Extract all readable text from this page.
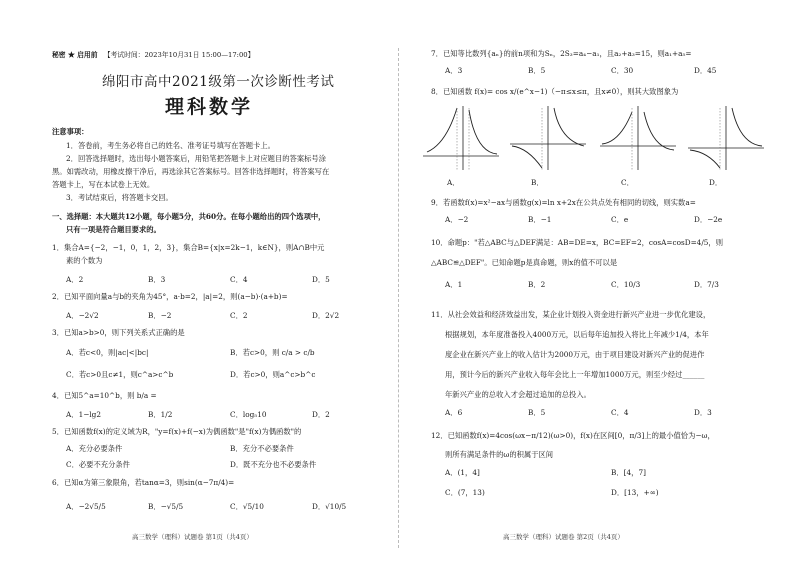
秘密 ★ 启用前 【考试时间：2023年10月31日 15:00—17:00】
绵阳市高中2021级第一次诊断性考试
理科数学
注意事项：
1．答卷前，考生务必将自己的姓名、准考证号填写在答题卡上。
2．回答选择题时，选出每小题答案后，用铅笔把答题卡上对应题目的答案标号涂
黑。如需改动，用橡皮擦干净后，再选涂其它答案标号。回答非选择题时，将答案写在
答题卡上，写在本试卷上无效。
3．考试结束后，将答题卡交回。
一、选择题：本大题共12小题，每小题5分，共60分。在每小题给出的四个选项中，
只有一项是符合题目要求的。
1．集合A={−2，−1，0，1，2，3}，集合B={x|x=2k−1，k∈N}，则A∩B中元
素的个数为
A．2	B．3	C．4	D．5
2．已知平面向量a与b的夹角为45°，a·b=2，|a|=2，则(a−b)·(a+b)=
A．−2√2	B．−2	C．2	D．2√2
3．已知a>b>0，则下列关系式正确的是
A．若c<0，则|ac|<|bc|	B．若c>0，则 c/a > c/b
C．若c>0且c≠1，则c^a>c^b	D．若c>0，则a^c>b^c
4．已知5^a=10^b，则 b/a =
A．1−lg2	B．1/2	C．log₅10	D．2
5．已知函数f(x)的定义域为R，"y=f(x)+f(−x)为偶函数"是"f(x)为偶函数"的
A．充分必要条件	B．充分不必要条件
C．必要不充分条件	D．既不充分也不必要条件
6．已知α为第三象限角，若tanα=3，则sin(α−7π/4)=
A．−2√5/5	B．−√5/5	C．√5/10	D．√10/5
高三数学（理科）试题卷 第1页（共4页）
7．已知等比数列{aₙ}的前n项和为Sₙ，2S₃=a₄−a₁，且a₂+a₃=15，则a₁+a₅=
A．3	B．5	C．30	D．45
8．已知函数 f(x)= cos x/(e^x−1)（−π≤x≤π，且x≠0），则其大致图象为
A．	B．	C．	D．
9．若函数f(x)=x²−ax与函数g(x)=ln x+2x在公共点处有相同的切线，则实数a=
A．−2	B．−1	C．e	D．−2e
10．命题p："若△ABC与△DEF满足：AB=DE=x，BC=EF=2，cosA=cosD=4/5，则
△ABC≌△DEF"。已知命题p是真命题，则x的值不可以是
A．1	B．2	C．10/3	D．7/3
11．从社会效益和经济效益出发，某企业计划投入资金进行新兴产业进一步优化建设，
根据规划，本年度准备投入4000万元，以后每年追加投入将比上年减少1/4，本年
度企业在新兴产业上的收入估计为2000万元，由于项目建设对新兴产业的促进作
用，预计今后的新兴产业收入每年会比上一年增加1000万元，则至少经过______
年新兴产业的总收入才会超过追加的总投入。
A．6	B．5	C．4	D．3
12．已知函数f(x)=4cos(ωx−π/12)(ω>0)，f(x)在区间[0，π/3]上的最小值恰为−ω，
则所有满足条件的ω的积属于区间
A．(1，4]	B．[4，7]
C．(7，13)	D．[13，+∞)
高三数学（理科）试题卷 第2页（共4页）
